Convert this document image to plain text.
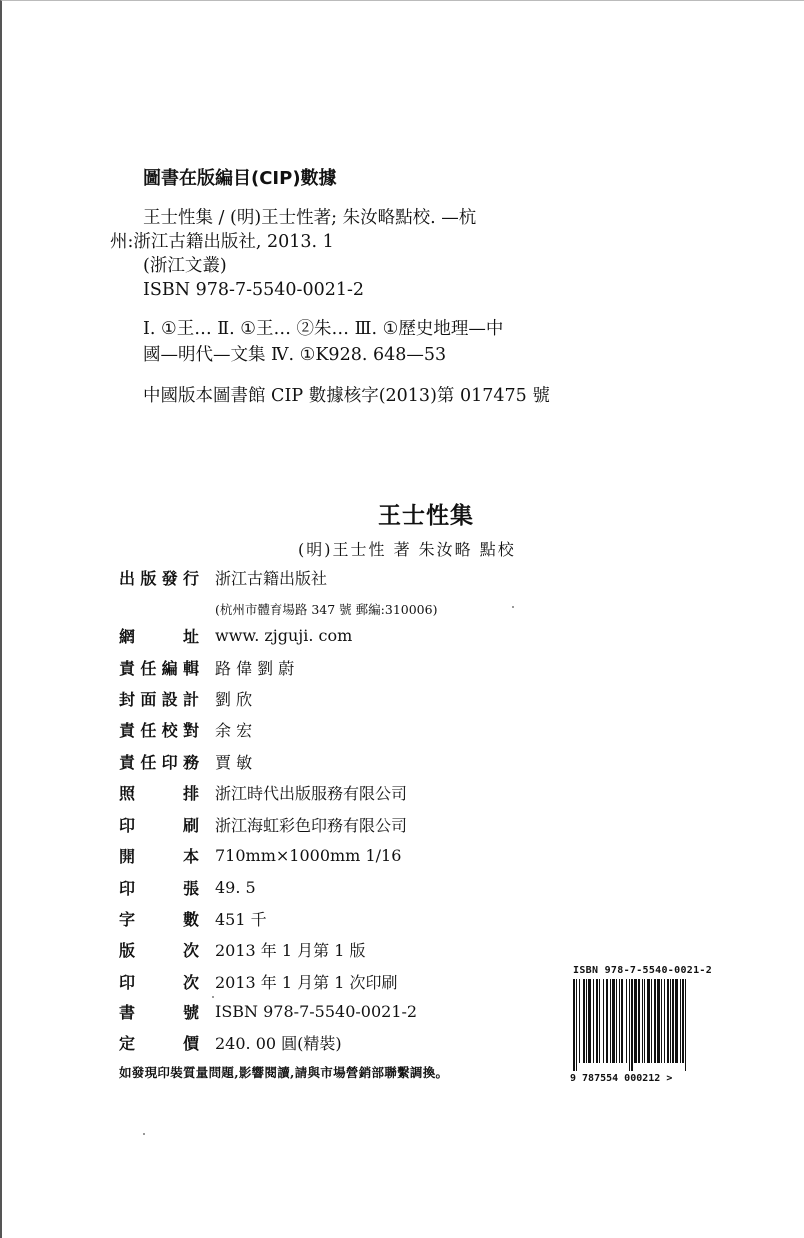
圖書在版編目(CIP)數據
王士性集 / (明)王士性著; 朱汝略點校. —杭
州:浙江古籍出版社, 2013. 1
(浙江文叢)
ISBN 978-7-5540-0021-2
Ⅰ. ①王… Ⅱ. ①王… ②朱… Ⅲ. ①歷史地理—中
國—明代—文集 Ⅳ. ①K928. 648—53
中國版本圖書館 CIP 數據核字(2013)第 017475 號
王士性集
(明)王士性 著 朱汝略 點校
出 版 發 行 浙江古籍出版社
(杭州市體育場路 347 號 郵編:310006)
網	址 www. zjguji. com
責 任 編 輯 路 偉 劉 蔚
封 面 設 計 劉 欣
責 任 校 對 余 宏
責 任 印 務 賈 敏
照	排 浙江時代出版服務有限公司
印	刷 浙江海虹彩色印務有限公司
開	本 710mm×1000mm 1/16
印	張 49. 5
字	數 451 千
版	次 2013 年 1 月第 1 版
印	次 2013 年 1 月第 1 次印刷
書	號 ISBN 978-7-5540-0021-2
定	價 240. 00 圓(精裝)
如發現印裝質量問題,影響閱讀,請與市場營銷部聯繫調換。
ISBN 978-7-5540-0021-2
9 787554 000212 >
